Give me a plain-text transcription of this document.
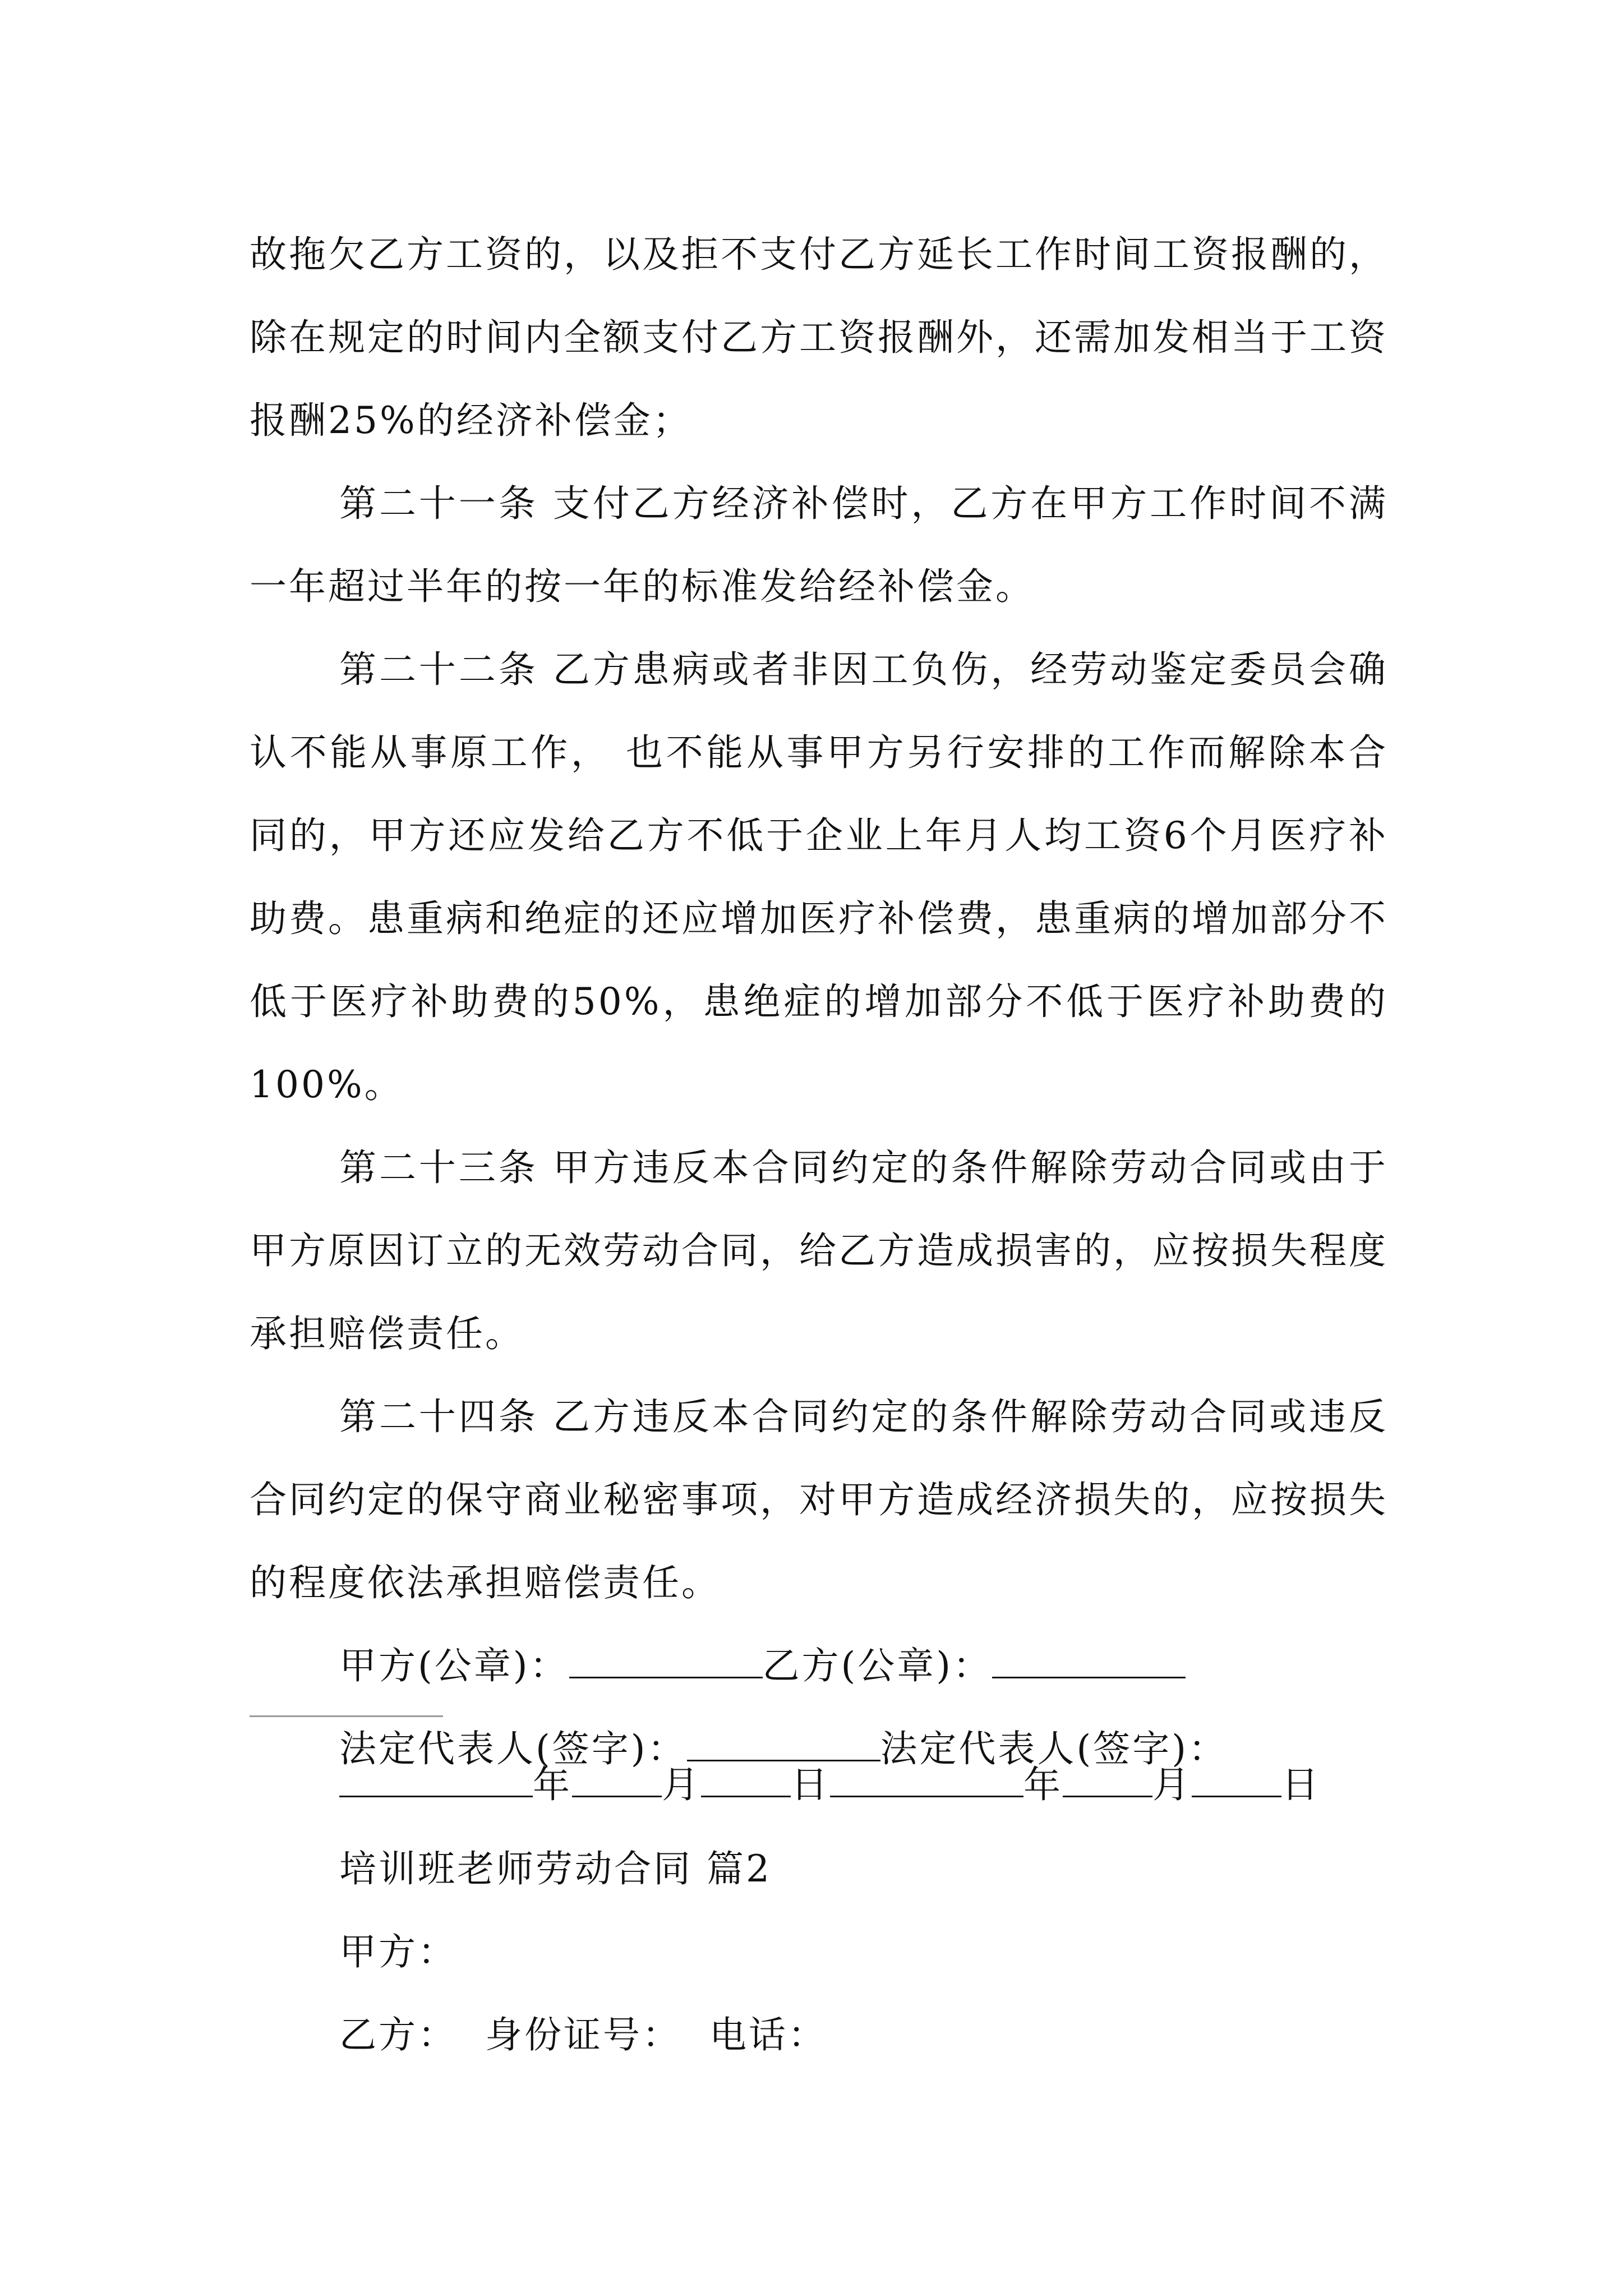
故拖欠乙方工资的，以及拒不支付乙方延长工作时间工资报酬的，除在规定的时间内全额支付乙方工资报酬外，还需加发相当于工资报酬25%的经济补偿金；

第二十一条 支付乙方经济补偿时，乙方在甲方工作时间不满一年超过半年的按一年的标准发给经补偿金。

第二十二条 乙方患病或者非因工负伤，经劳动鉴定委员会确认不能从事原工作， 也不能从事甲方另行安排的工作而解除本合同的，甲方还应发给乙方不低于企业上年月人均工资6个月医疗补助费。患重病和绝症的还应增加医疗补偿费，患重病的增加部分不低于医疗补助费的50%，患绝症的增加部分不低于医疗补助费的100%。

第二十三条 甲方违反本合同约定的条件解除劳动合同或由于甲方原因订立的无效劳动合同，给乙方造成损害的，应按损失程度承担赔偿责任。

第二十四条 乙方违反本合同约定的条件解除劳动合同或违反合同约定的保守商业秘密事项，对甲方造成经济损失的，应按损失的程度依法承担赔偿责任。

甲方(公章)：	乙方(公章)：

法定代表人(签字)：	法定代表人(签字)：

年 月 日	年 月 日
培训班老师劳动合同 篇2
甲方：
乙方： 身份证号： 电话：
